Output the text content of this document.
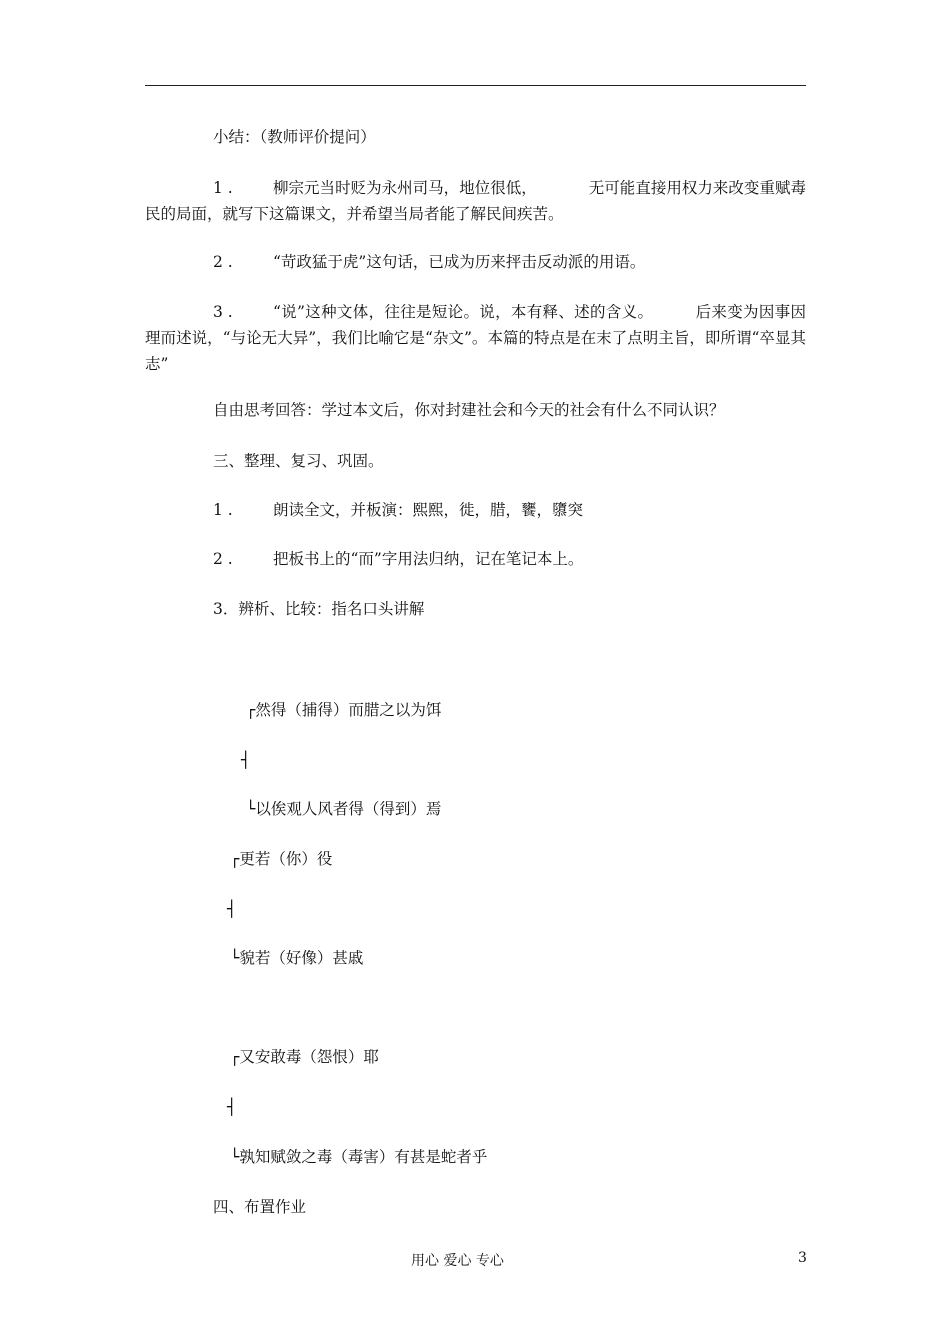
小结：（教师评价提问）
1 .	柳宗元当时贬为永州司马，地位很低，	无可能直接用权力来改变重赋毒民的局面，就写下这篇课文，并希望当局者能了解民间疾苦。
2 .	“苛政猛于虎”这句话，已成为历来抨击反动派的用语。
3 .	“说”这种文体，往往是短论。说，本有释、述的含义。	后来变为因事因理而述说，“与论无大异”，我们比喻它是“杂文”。本篇的特点是在末了点明主旨，即所谓“卒显其志”
自由思考回答：学过本文后，你对封建社会和今天的社会有什么不同认识？
三、整理、复习、巩固。
1 .	朗读全文，并板演：熙熙，徙，腊，饔，隳突
2 .	把板书上的“而”字用法归纳，记在笔记本上。
3．辨析、比较：指名口头讲解
┌然得（捕得）而腊之以为饵
┤
└以俟观人风者得（得到）焉
┌更若（你）役
┤
└貌若（好像）甚戚
┌又安敢毒（怨恨）耶
┤
└孰知赋敛之毒（毒害）有甚是蛇者乎
四、布置作业
用心 爱心 专心	3
